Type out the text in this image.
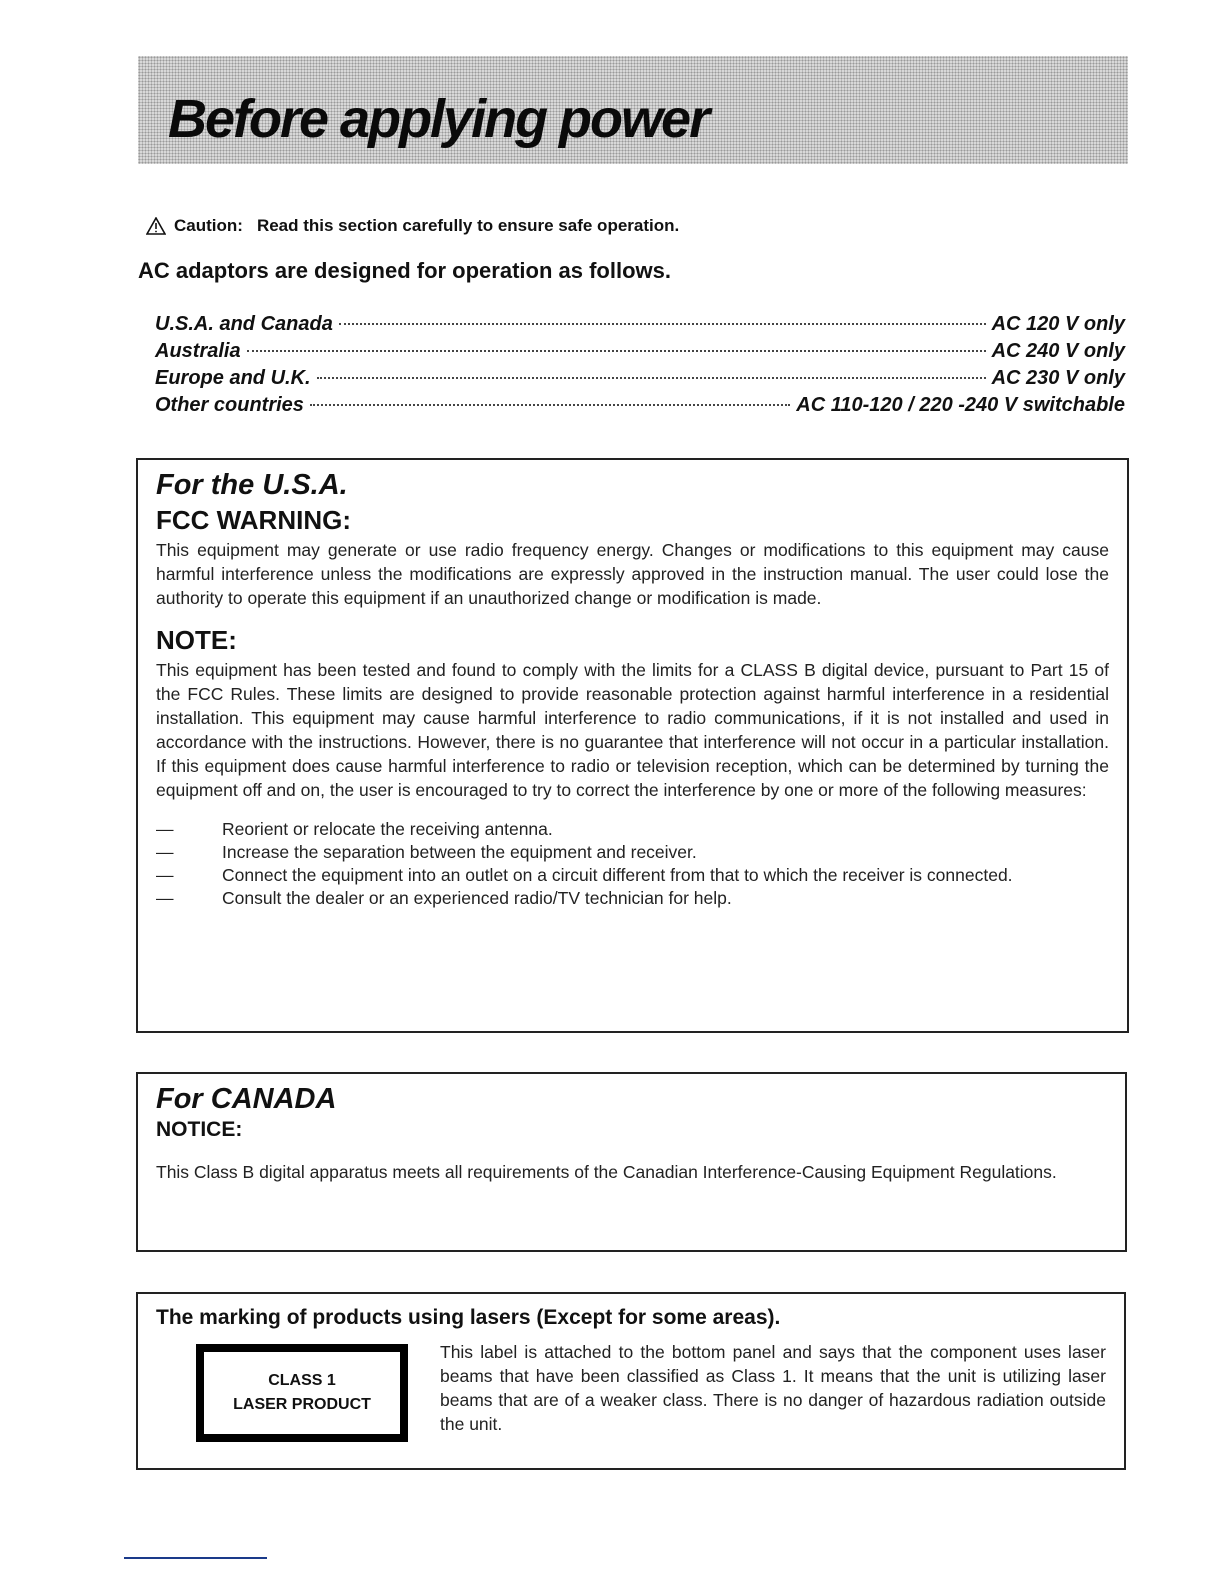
Before applying power
Caution: Read this section carefully to ensure safe operation.
AC adaptors are designed for operation as follows.
U.S.A. and Canada	AC 120 V only
Australia	AC 240 V only
Europe and U.K.	AC 230 V only
Other countries	AC 110-120 / 220 -240 V switchable
For the U.S.A.
FCC WARNING:

This equipment may generate or use radio frequency energy. Changes or modifications to this equipment may cause harmful interference unless the modifications are expressly approved in the instruction manual. The user could lose the authority to operate this equipment if an unauthorized change or modification is made.

NOTE:

This equipment has been tested and found to comply with the limits for a CLASS B digital device, pursuant to Part 15 of the FCC Rules. These limits are designed to provide reasonable protection against harmful interference in a residential installation. This equipment may cause harmful interference to radio communications, if it is not installed and used in accordance with the instructions. However, there is no guarantee that interference will not occur in a particular installation. If this equipment does cause harmful interference to radio or television reception, which can be determined by turning the equipment off and on, the user is encouraged to try to correct the interference by one or more of the following measures:

—	Reorient or relocate the receiving antenna.
—	Increase the separation between the equipment and receiver.
—	Connect the equipment into an outlet on a circuit different from that to which the receiver is connected.
—	Consult the dealer or an experienced radio/TV technician for help.
For CANADA
NOTICE:

This Class B digital apparatus meets all requirements of the Canadian Interference-Causing Equipment Regulations.

The marking of products using lasers (Except for some areas).
CLASS 1
LASER PRODUCT

This label is attached to the bottom panel and says that the component uses laser beams that have been classified as Class 1. It means that the unit is utilizing laser beams that are of a weaker class. There is no danger of hazardous radiation outside the unit.
